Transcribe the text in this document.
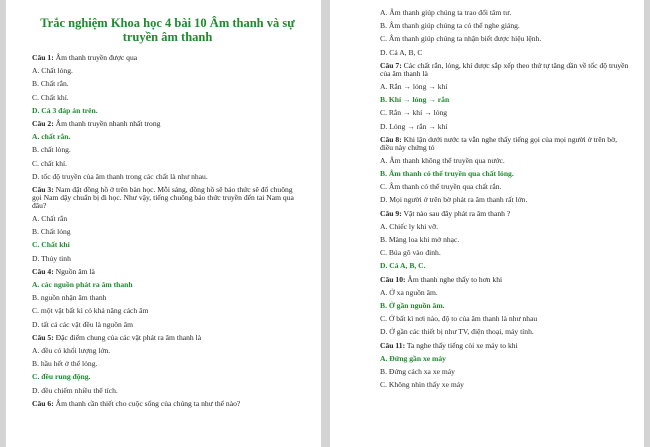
Trắc nghiệm Khoa học 4 bài 10 Âm thanh và sự truyền âm thanh
Câu 1: Âm thanh truyền được qua
A. Chất lỏng.
B. Chất rắn.
C. Chất khí.
D. Cả 3 đáp án trên.
Câu 2: Âm thanh truyền nhanh nhất trong
A. chất rắn.
B. chất lỏng.
C. chất khí.
D. tốc độ truyền của âm thanh trong các chất là như nhau.
Câu 3: Nam đặt đồng hồ ở trên bàn học. Mỗi sáng, đồng hồ sẽ báo thức sẽ đổ chuông gọi Nam dậy chuẩn bị đi học. Như vậy, tiếng chuông báo thức truyền đến tai Nam qua đâu?
A. Chất rắn
B. Chất lỏng
C. Chất khí
D. Thủy tinh
Câu 4: Nguồn âm là
A. các nguồn phát ra âm thanh
B. nguồn nhận âm thanh
C. một vật bất kì có khả năng cách âm
D. tất cả các vật đều là nguồn âm
Câu 5: Đặc điểm chung của các vật phát ra âm thanh là
A. đều có khối lượng lớn.
B. hầu hết ở thể lỏng.
C. đều rung động.
D. đều chiếm nhiều thể tích.
Câu 6: Âm thanh cần thiết cho cuộc sống của chúng ta như thế nào?
A. Âm thanh giúp chúng ta trao đổi tâm tư.
B. Âm thanh giúp chúng ta có thể nghe giảng.
C. Âm thanh giúp chúng ta nhận biết được hiệu lệnh.
D. Cả A, B, C
Câu 7: Các chất rắn, lỏng, khí được sắp xếp theo thứ tự tăng dần về tốc độ truyền của âm thanh là
A. Rắn → lỏng → khí
B. Khí → lỏng → rắn
C. Rắn → khí → lỏng
D. Lỏng → rắn → khí
Câu 8: Khi lặn dưới nước ta vẫn nghe thấy tiếng gọi của mọi người ở trên bờ, điều này chứng tỏ
A. Âm thanh không thể truyền qua nước.
B. Âm thanh có thể truyền qua chất lỏng.
C. Âm thanh có thể truyền qua chất rắn.
D. Mọi người ở trên bờ phát ra âm thanh rất lớn.
Câu 9: Vật nào sau đây phát ra âm thanh ?
A. Chiếc ly khi vỡ.
B. Màng loa khi mở nhạc.
C. Búa gõ vào đinh.
D. Cả A, B, C.
Câu 10: Âm thanh nghe thấy to hơn khi
A. Ở xa nguồn âm.
B. Ở gần nguồn âm.
C. Ở bất kì nơi nào, độ to của âm thanh là như nhau
D. Ở gần các thiết bị như TV, điện thoại, máy tính.
Câu 11: Ta nghe thấy tiếng còi xe máy to khi
A. Đứng gần xe máy
B. Đứng cách xa xe máy
C. Không nhìn thấy xe máy
